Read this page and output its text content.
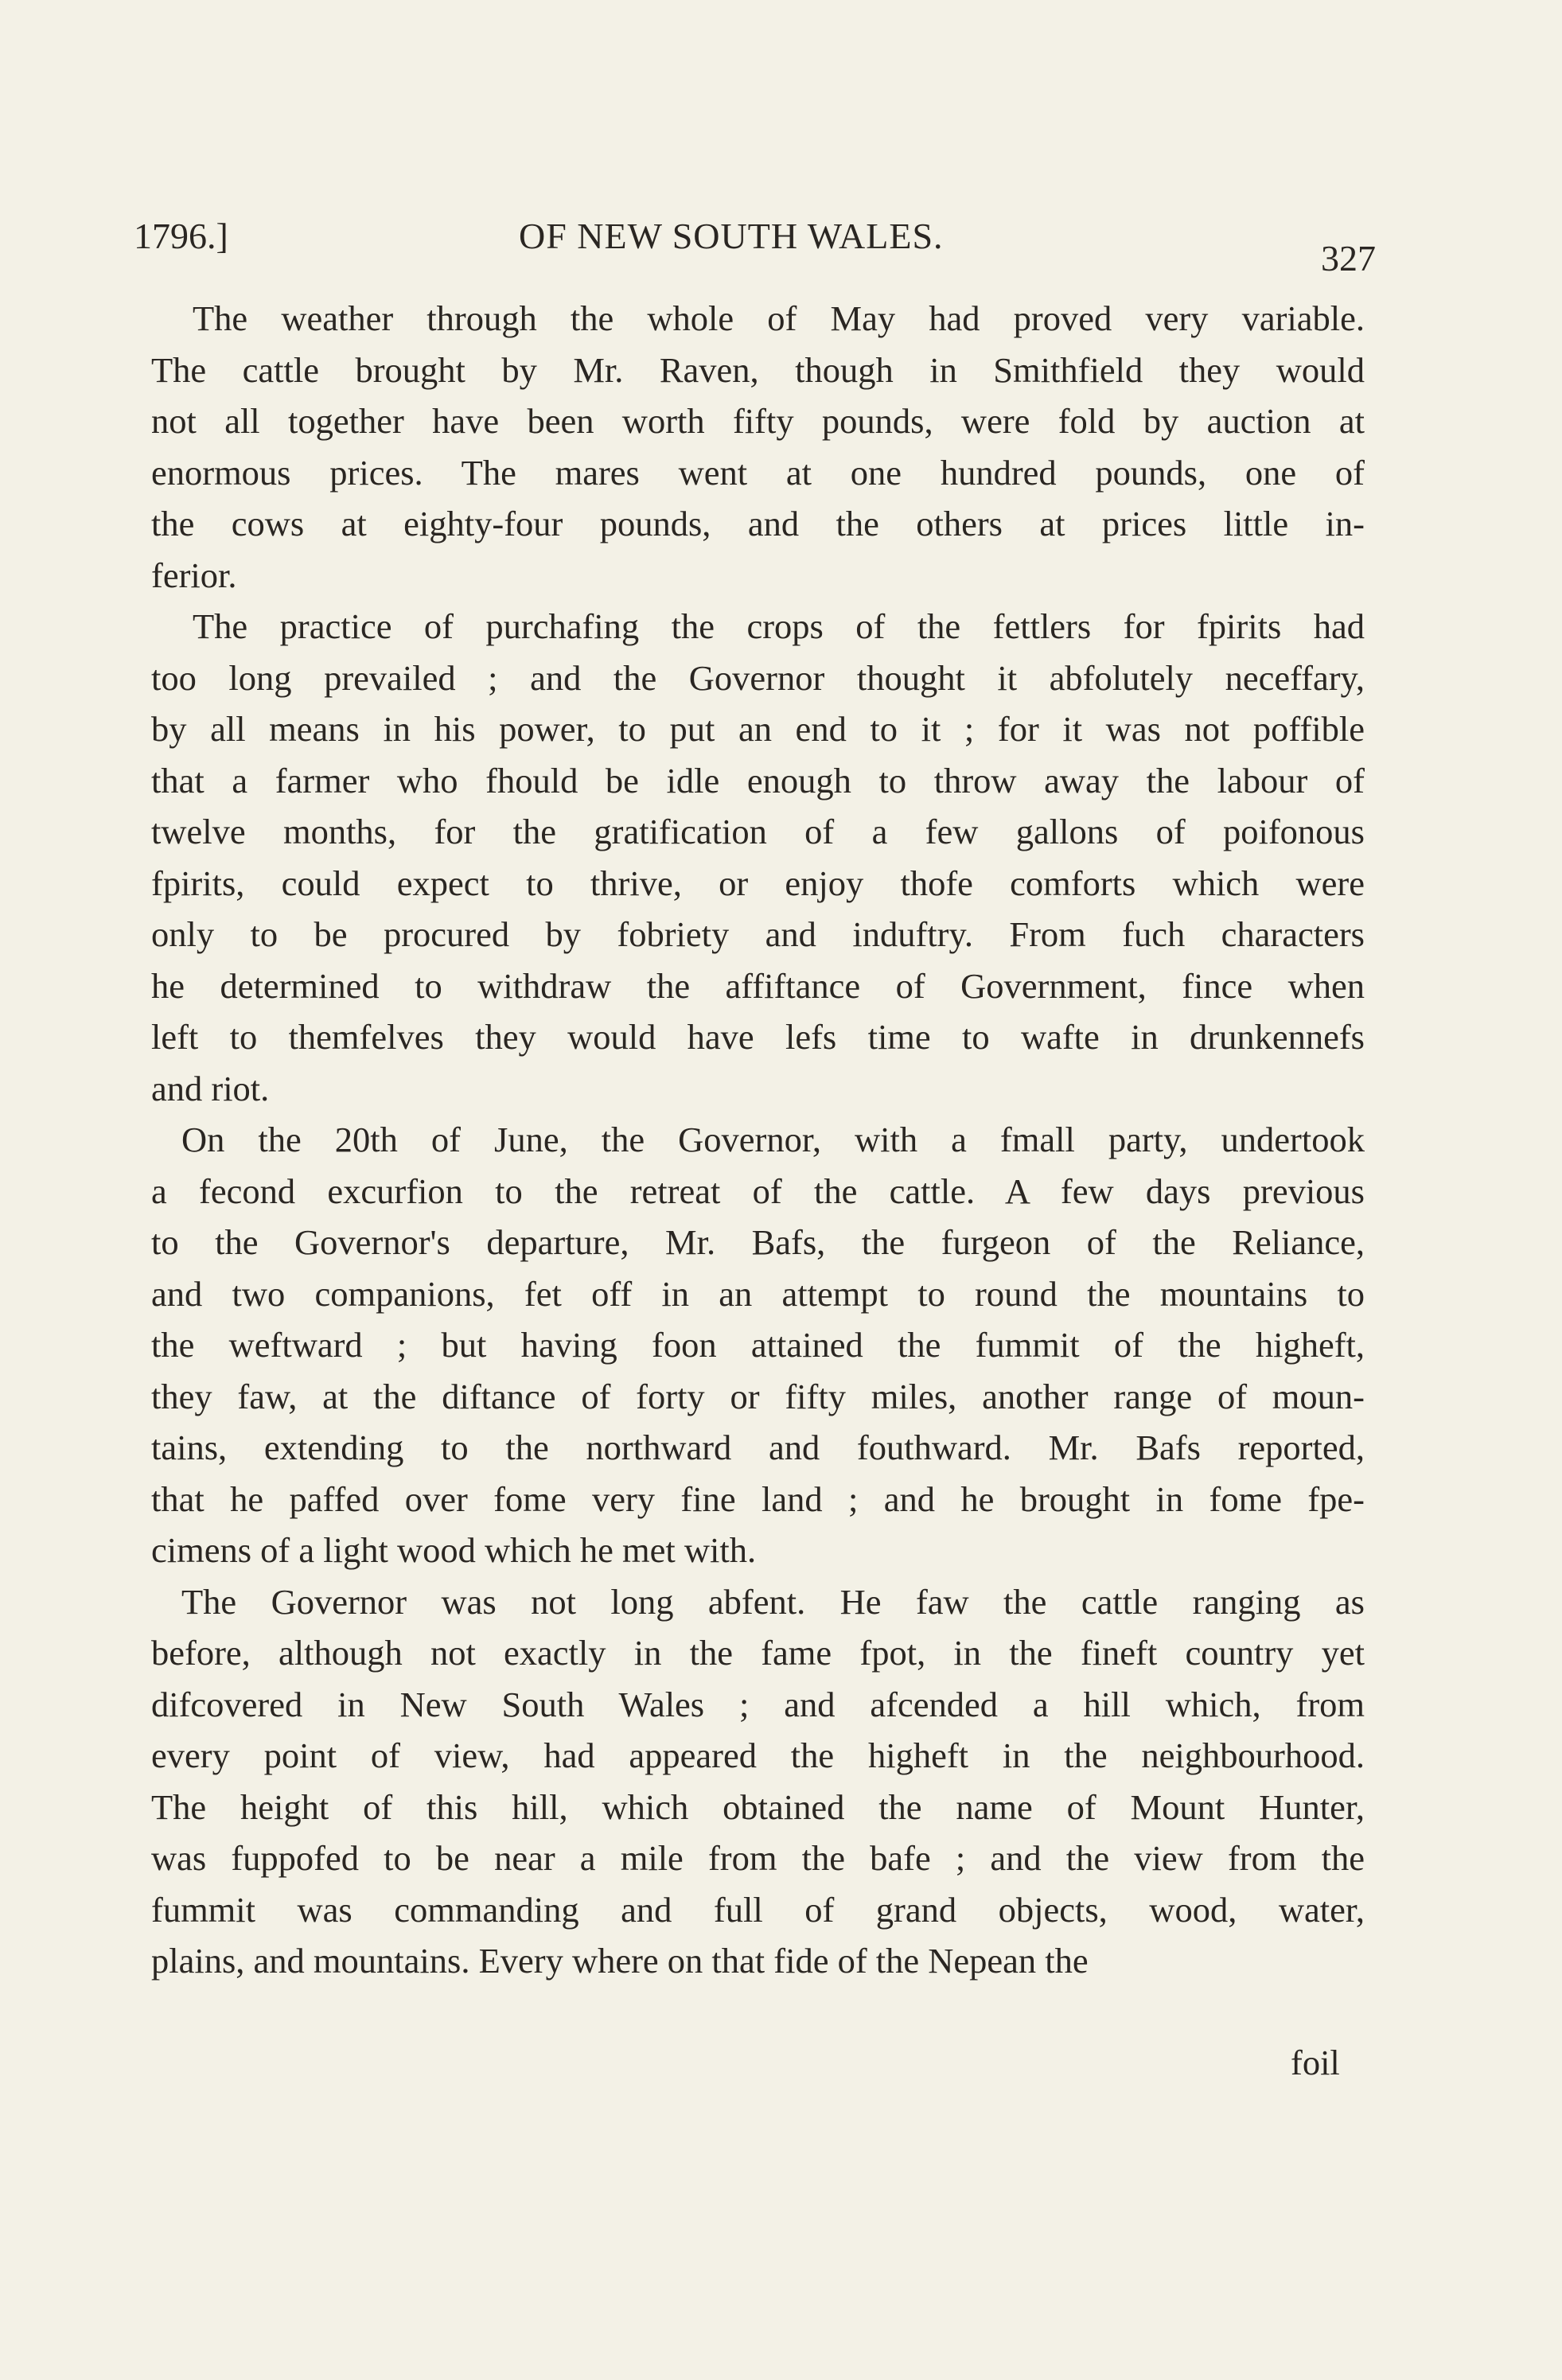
1796.]	OF NEW SOUTH WALES.
327
The weather through the whole of May had proved very variable.
The cattle brought by Mr. Raven, though in Smithfield they would
not all together have been worth fifty pounds, were fold by auction at
enormous prices. The mares went at one hundred pounds, one of
the cows at eighty-four pounds, and the others at prices little in-
ferior.
The practice of purchafing the crops of the fettlers for fpirits had
too long prevailed ; and the Governor thought it abfolutely neceffary,
by all means in his power, to put an end to it ; for it was not poffible
that a farmer who fhould be idle enough to throw away the labour of
twelve months, for the gratification of a few gallons of poifonous
fpirits, could expect to thrive, or enjoy thofe comforts which were
only to be procured by fobriety and induftry. From fuch characters
he determined to withdraw the affiftance of Government, fince when
left to themfelves they would have lefs time to wafte in drunkennefs
and riot.
On the 20th of June, the Governor, with a fmall party, undertook
a fecond excurfion to the retreat of the cattle. A few days previous
to the Governor's departure, Mr. Bafs, the furgeon of the Reliance,
and two companions, fet off in an attempt to round the mountains to
the weftward ; but having foon attained the fummit of the higheft,
they faw, at the diftance of forty or fifty miles, another range of moun-
tains, extending to the northward and fouthward. Mr. Bafs reported,
that he paffed over fome very fine land ; and he brought in fome fpe-
cimens of a light wood which he met with.
The Governor was not long abfent. He faw the cattle ranging as
before, although not exactly in the fame fpot, in the fineft country yet
difcovered in New South Wales ; and afcended a hill which, from
every point of view, had appeared the higheft in the neighbourhood.
The height of this hill, which obtained the name of Mount Hunter,
was fuppofed to be near a mile from the bafe ; and the view from the
fummit was commanding and full of grand objects, wood, water,
plains, and mountains. Every where on that fide of the Nepean the
foil
